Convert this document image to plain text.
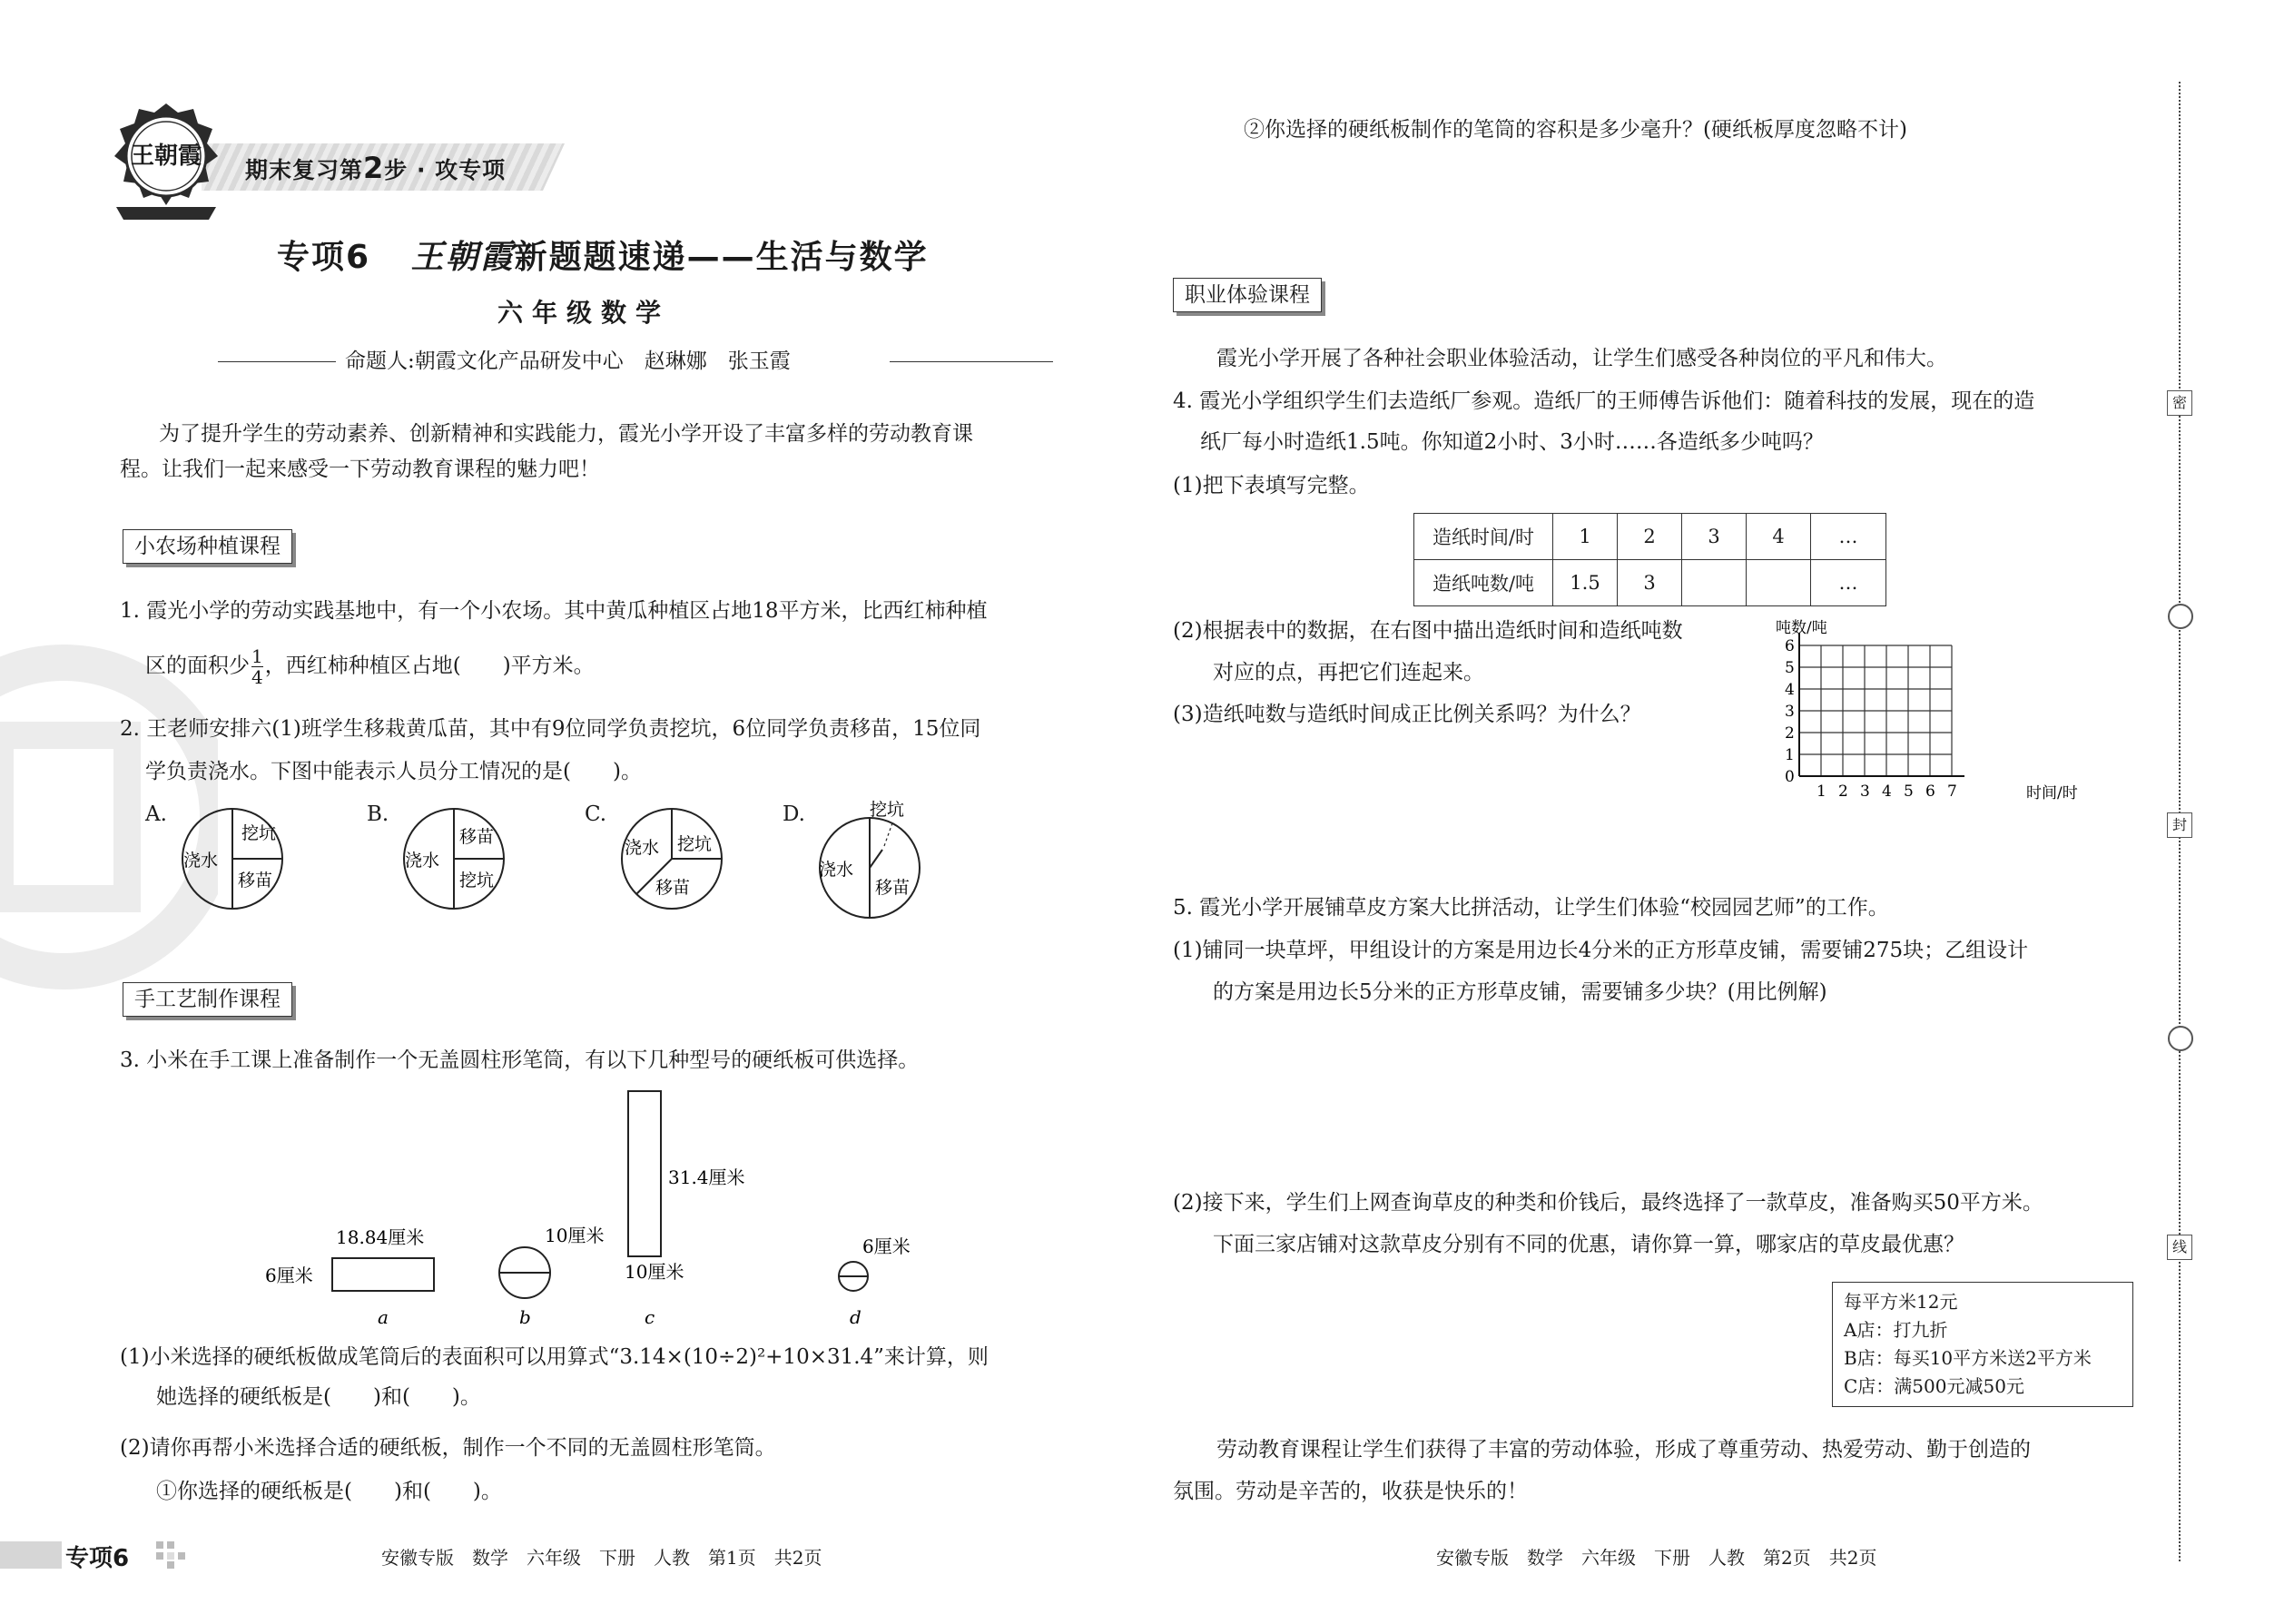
期末复习第2步 · 攻专项
王朝霞
专项6 王朝霞新题题速递——生活与数学
六年级数学
命题人:朝霞文化产品研发中心　赵琳娜　张玉霞
为了提升学生的劳动素养、创新精神和实践能力，霞光小学开设了丰富多样的劳动教育课
程。让我们一起来感受一下劳动教育课程的魅力吧！
小农场种植课程
1. 霞光小学的劳动实践基地中，有一个小农场。其中黄瓜种植区占地18平方米，比西红柿种植
区的面积少 $\frac{1}{4}$ ，西红柿种植区占地(　　)平方米。
2. 王老师安排六(1)班学生移栽黄瓜苗，其中有9位同学负责挖坑，6位同学负责移苗，15位同
学负责浇水。下图中能表示人员分工情况的是(　　)。
A.
挖坑
浇水
移苗
B.
移苗
浇水
挖坑
C.
浇水 挖坑
移苗
D.	挖坑
浇水
移苗
手工艺制作课程
3. 小米在手工课上准备制作一个无盖圆柱形笔筒，有以下几种型号的硬纸板可供选择。
18.84厘米
6厘米
a
10厘米
b
31.4厘米
10厘米
c
6厘米
d
(1)小米选择的硬纸板做成笔筒后的表面积可以用算式“3.14×(10÷2)²+10×31.4”来计算，则
她选择的硬纸板是(　　)和(　　)。
(2)请你再帮小米选择合适的硬纸板，制作一个不同的无盖圆柱形笔筒。
①你选择的硬纸板是(　　)和(　　)。
专项6	安徽专版　数学　六年级　下册　人教　第1页　共2页
②你选择的硬纸板制作的笔筒的容积是多少毫升？(硬纸板厚度忽略不计)
职业体验课程
霞光小学开展了各种社会职业体验活动，让学生们感受各种岗位的平凡和伟大。
4. 霞光小学组织学生们去造纸厂参观。造纸厂的王师傅告诉他们：随着科技的发展，现在的造
纸厂每小时造纸1.5吨。你知道2小时、3小时……各造纸多少吨吗？
(1)把下表填写完整。
造纸时间/时	1	2	3	4	…
造纸吨数/吨	1.5	3			…
(2)根据表中的数据，在右图中描出造纸时间和造纸吨数
对应的点，再把它们连起来。
(3)造纸吨数与造纸时间成正比例关系吗？为什么？
吨数/吨
时间/时
1 2 3 4 5 6 7
0
1
2
3
4
5
6
5. 霞光小学开展铺草皮方案大比拼活动，让学生们体验“校园园艺师”的工作。
(1)铺同一块草坪，甲组设计的方案是用边长4分米的正方形草皮铺，需要铺275块；乙组设计
的方案是用边长5分米的正方形草皮铺，需要铺多少块？(用比例解)
(2)接下来，学生们上网查询草皮的种类和价钱后，最终选择了一款草皮，准备购买50平方米。
下面三家店铺对这款草皮分别有不同的优惠，请你算一算，哪家店的草皮最优惠？
每平方米12元
A店：打九折
B店：每买10平方米送2平方米
C店：满500元减50元
劳动教育课程让学生们获得了丰富的劳动体验，形成了尊重劳动、热爱劳动、勤于创造的
氛围。劳动是辛苦的，收获是快乐的！
安徽专版　数学　六年级　下册　人教　第2页　共2页
密
封
线
